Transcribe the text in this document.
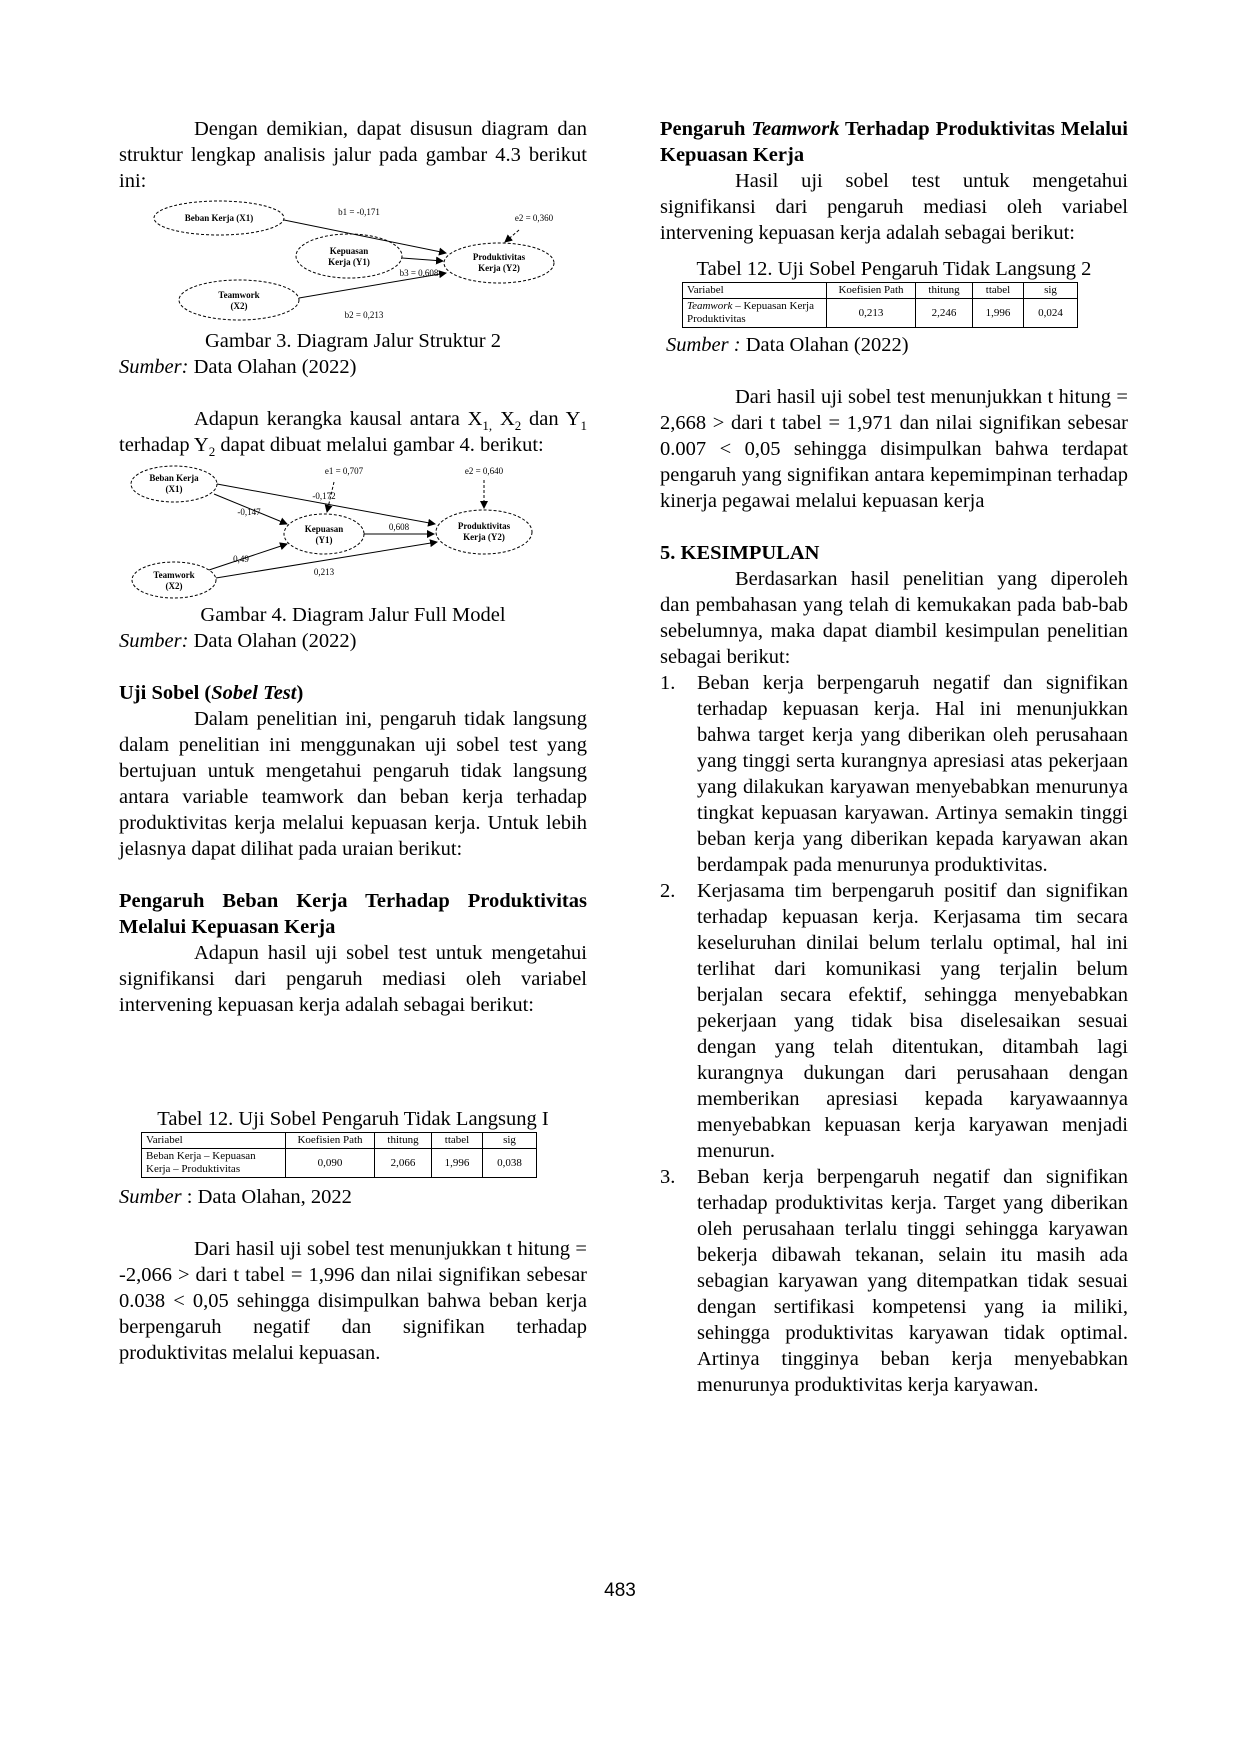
Dengan demikian, dapat disusun diagram dan struktur lengkap analisis jalur pada gambar 4.3 berikut ini:

Beban Kerja (X1)
Kepuasan
Kerja (Y1)	Produktivitas
Kerja (Y2)
Teamwork
(X2)
b1 = -0,171
e2 = 0,360
b3 = 0,608
b2 = 0,213

Gambar 3. Diagram Jalur Struktur 2

Sumber: Data Olahan (2022)

Adapun kerangka kausal antara $X_{1,}$ $X_2$ dan $Y_1$ terhadap $Y_2$ dapat dibuat melalui gambar 4. berikut:

Beban Kerja
(X1)
Kepuasan
(Y1)
Produktivitas
Kerja (Y2)
Teamwork
(X2)
e1 = 0,707	e2 = 0,640
-0,172
-0,147
0,608
0,49
0,213

Gambar 4. Diagram Jalur Full Model

Sumber: Data Olahan (2022)

Uji Sobel (Sobel Test)

Dalam penelitian ini, pengaruh tidak langsung dalam penelitian ini menggunakan uji sobel test yang bertujuan untuk mengetahui pengaruh tidak langsung antara variable teamwork dan beban kerja terhadap produktivitas kerja melalui kepuasan kerja. Untuk lebih jelasnya dapat dilihat pada uraian berikut:

Pengaruh Beban Kerja Terhadap Produktivitas Melalui Kepuasan Kerja

Adapun hasil uji sobel test untuk mengetahui signifikansi dari pengaruh mediasi oleh variabel intervening kepuasan kerja adalah sebagai berikut:

Tabel 12. Uji Sobel Pengaruh Tidak Langsung I

Variabel	Koefisien Path	thitung	ttabel	sig
Beban Kerja – Kepuasan Kerja – Produktivitas	0,090	2,066	1,996	0,038

Sumber : Data Olahan, 2022

Dari hasil uji sobel test menunjukkan t hitung = -2,066 > dari t tabel = 1,996 dan nilai signifikan sebesar 0.038 < 0,05 sehingga disimpulkan bahwa beban kerja berpengaruh negatif dan signifikan terhadap produktivitas melalui kepuasan.

Pengaruh Teamwork Terhadap Produktivitas Melalui Kepuasan Kerja

Hasil uji sobel test untuk mengetahui signifikansi dari pengaruh mediasi oleh variabel intervening kepuasan kerja adalah sebagai berikut:

Tabel 12. Uji Sobel Pengaruh Tidak Langsung 2

Variabel	Koefisien Path	thitung	ttabel	sig
Teamwork – Kepuasan Kerja Produktivitas	0,213	2,246	1,996	0,024

Sumber : Data Olahan (2022)

Dari hasil uji sobel test menunjukkan t hitung = 2,668 > dari t tabel = 1,971 dan nilai signifikan sebesar 0.007 < 0,05 sehingga disimpulkan bahwa terdapat pengaruh yang signifikan antara kepemimpinan terhadap kinerja pegawai melalui kepuasan kerja

5. KESIMPULAN

Berdasarkan hasil penelitian yang diperoleh dan pembahasan yang telah di kemukakan pada bab-bab sebelumnya, maka dapat diambil kesimpulan penelitian sebagai berikut:

1. Beban kerja berpengaruh negatif dan signifikan terhadap kepuasan kerja. Hal ini menunjukkan bahwa target kerja yang diberikan oleh perusahaan yang tinggi serta kurangnya apresiasi atas pekerjaan yang dilakukan karyawan menyebabkan menurunya tingkat kepuasan karyawan. Artinya semakin tinggi beban kerja yang diberikan kepada karyawan akan berdampak pada menurunya produktivitas.
2. Kerjasama tim berpengaruh positif dan signifikan terhadap kepuasan kerja. Kerjasama tim secara keseluruhan dinilai belum terlalu optimal, hal ini terlihat dari komunikasi yang terjalin belum berjalan secara efektif, sehingga menyebabkan pekerjaan yang tidak bisa diselesaikan sesuai dengan yang telah ditentukan, ditambah lagi kurangnya dukungan dari perusahaan dengan memberikan apresiasi kepada karyawaannya menyebabkan kepuasan kerja karyawan menjadi menurun.
3. Beban kerja berpengaruh negatif dan signifikan terhadap produktivitas kerja. Target yang diberikan oleh perusahaan terlalu tinggi sehingga karyawan bekerja dibawah tekanan, selain itu masih ada sebagian karyawan yang ditempatkan tidak sesuai dengan sertifikasi kompetensi yang ia miliki, sehingga produktivitas karyawan tidak optimal. Artinya tingginya beban kerja menyebabkan menurunya produktivitas kerja karyawan.
483
